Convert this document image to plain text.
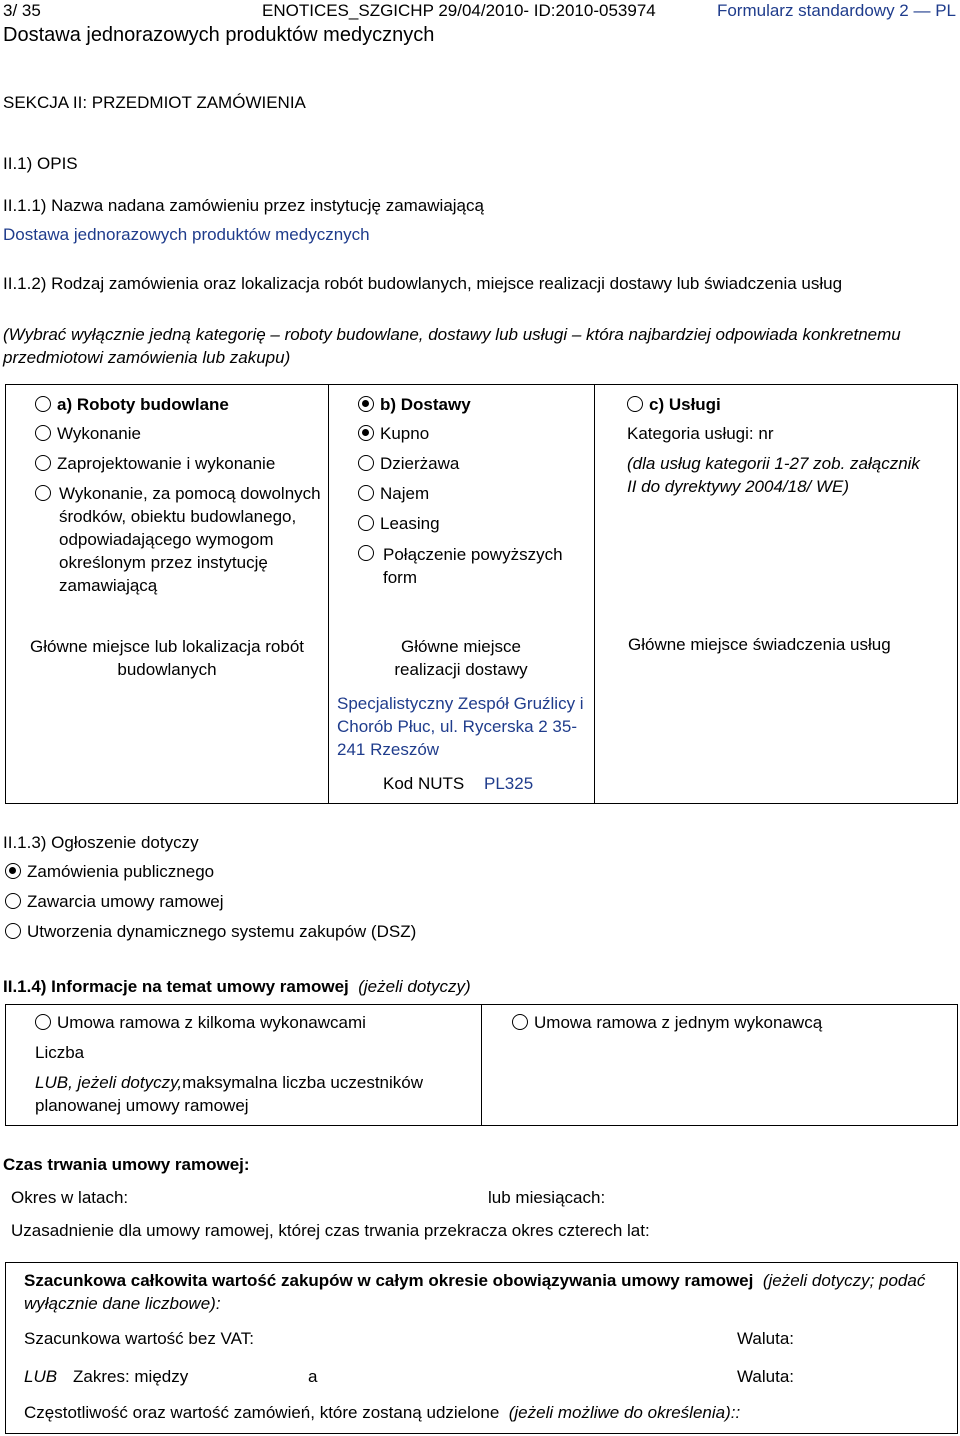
3/ 35	ENOTICES_SZGICHP 29/04/2010- ID:2010-053974	Formularz standardowy 2 — PL
Dostawa jednorazowych produktów medycznych
SEKCJA II: PRZEDMIOT ZAMÓWIENIA
II.1) OPIS
II.1.1) Nazwa nadana zamówieniu przez instytucję zamawiającą
Dostawa jednorazowych produktów medycznych
II.1.2) Rodzaj zamówienia oraz lokalizacja robót budowlanych, miejsce realizacji dostawy lub świadczenia usług
(Wybrać wyłącznie jedną kategorię – roboty budowlane, dostawy lub usługi – która najbardziej odpowiada konkretnemu przedmiotowi zamówienia lub zakupu)
a) Roboty budowlane
Wykonanie
Zaprojektowanie i wykonanie
Wykonanie, za pomocą dowolnych środków, obiektu budowlanego, odpowiadającego wymogom określonym przez instytucję zamawiającą
Główne miejsce lub lokalizacja robót budowlanych
b) Dostawy
Kupno
Dzierżawa
Najem
Leasing
Połączenie powyższych form
Główne miejsce realizacji dostawy
Specjalistyczny Zespół Gruźlicy i Chorób Płuc, ul. Rycerska 2 35-241 Rzeszów
Kod NUTS PL325
c) Usługi
Kategoria usługi: nr
(dla usług kategorii 1-27 zob. załącznik II do dyrektywy 2004/18/ WE)
Główne miejsce świadczenia usług
II.1.3) Ogłoszenie dotyczy
Zamówienia publicznego
Zawarcia umowy ramowej
Utworzenia dynamicznego systemu zakupów (DSZ)
II.1.4) Informacje na temat umowy ramowej (jeżeli dotyczy)
Umowa ramowa z kilkoma wykonawcami	Umowa ramowa z jednym wykonawcą
Liczba
LUB, jeżeli dotyczy,maksymalna liczba uczestników planowanej umowy ramowej
Czas trwania umowy ramowej:
Okres w latach:	lub miesiącach:
Uzasadnienie dla umowy ramowej, której czas trwania przekracza okres czterech lat:
Szacunkowa całkowita wartość zakupów w całym okresie obowiązywania umowy ramowej (jeżeli dotyczy; podać wyłącznie dane liczbowe):
Szacunkowa wartość bez VAT:	Waluta:
LUB Zakres: między	a	Waluta:
Częstotliwość oraz wartość zamówień, które zostaną udzielone (jeżeli możliwe do określenia)::
